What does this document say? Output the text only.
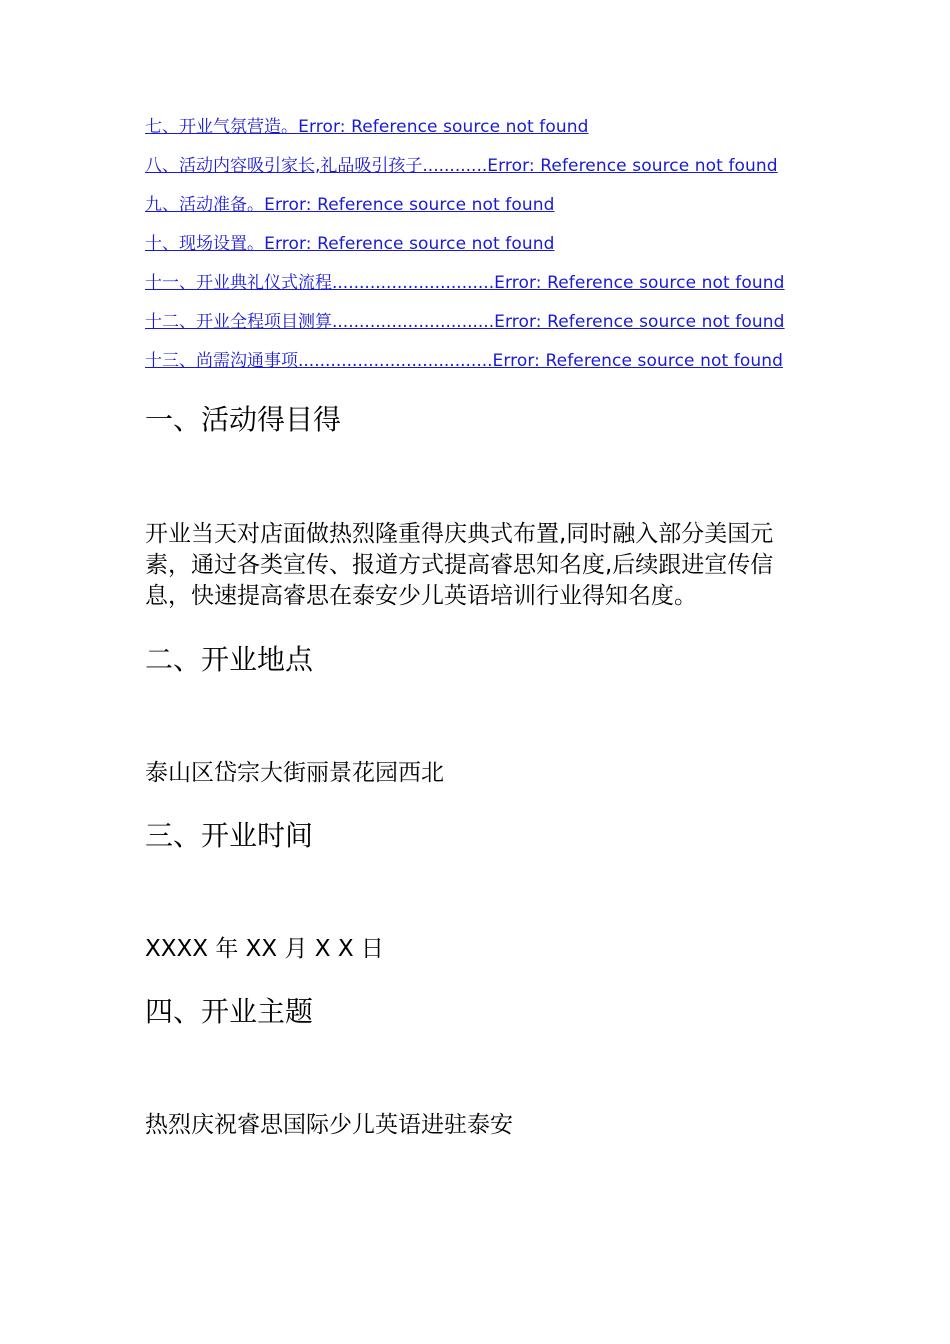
七、开业气氛营造。Error: Reference source not found
八、活动内容吸引家长,礼品吸引孩子............Error: Reference source not found
九、活动准备。Error: Reference source not found
十、现场设置。Error: Reference source not found
十一、开业典礼仪式流程..............................Error: Reference source not found
十二、开业全程项目测算..............................Error: Reference source not found
十三、尚需沟通事项....................................Error: Reference source not found
一、活动得目得
开业当天对店面做热烈隆重得庆典式布置,同时融入部分美国元素，通过各类宣传、报道方式提高睿思知名度,后续跟进宣传信息，快速提高睿思在泰安少儿英语培训行业得知名度。
二、开业地点
泰山区岱宗大街丽景花园西北
三、开业时间
XXXX 年 XX 月 X X 日
四、开业主题
热烈庆祝睿思国际少儿英语进驻泰安
